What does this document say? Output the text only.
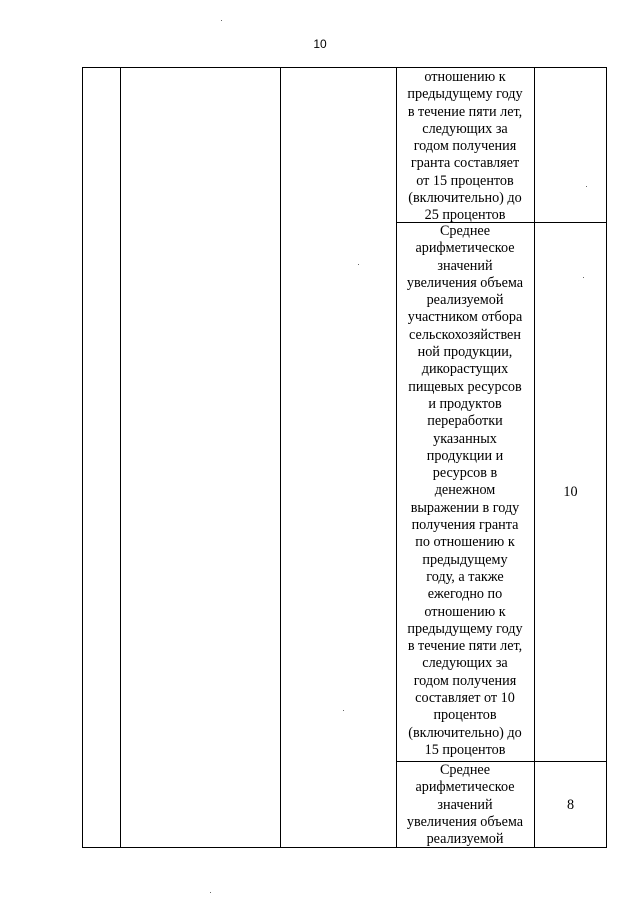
10
отношению к
предыдущему году
в течение пяти лет,
следующих за
годом получения
гранта составляет
от 15 процентов
(включительно) до
25 процентов
Среднее
арифметическое
значений
увеличения объема
реализуемой
участником отбора
сельскохозяйствен
ной продукции,
дикорастущих
пищевых ресурсов
и продуктов
переработки
указанных
продукции и
ресурсов в
денежном
выражении в году
получения гранта
по отношению к
предыдущему
году, а также
ежегодно по
отношению к
предыдущему году
в течение пяти лет,
следующих за
годом получения
составляет от 10
процентов
(включительно) до
15 процентов
10
Среднее
арифметическое
значений
увеличения объема
реализуемой
8
